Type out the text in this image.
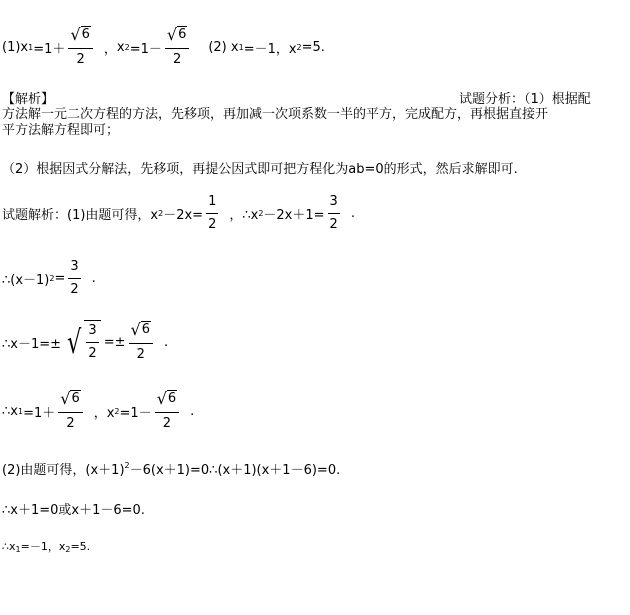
(1) x $1 =1+ \frac{√ 6}{2}$ ， x $2 =1- \frac{√ 6}{2} (2)$ x 1 =－1，x 2 =5.
【解析】	试题分析：（1）根据配
方法解一元二次方程的方法，先移项，再加减一次项系数一半的平方，完成配方，再根据直接开
平方法解方程即可；
（2）根据因式分解法，先移项，再提公因式即可把方程化为ab=0的形式，然后求解即可.
试题解析：(1)由题可得，x $2 -2x= \frac{1}{2}$ ，∴x $2 -2x+1= \frac{3}{2}$ .
∴(x－1) $2 = \frac{3}{2}$ .
∴x－1=± √ $\frac{3}{2} =\pm \frac{√ 6}{2}$ .
∴x $1 =1+ \frac{√ 6}{2}$ ，x $2 =1- \frac{√ 6}{2}$ .
(2)由题可得，$(x+1)^2-6(x+1)=0\therefore(x+1)(x+1-6)=0$.
∴x＋1=0或x＋1－6=0.
$\therefore x_1=-1$，$x_2=5$.
